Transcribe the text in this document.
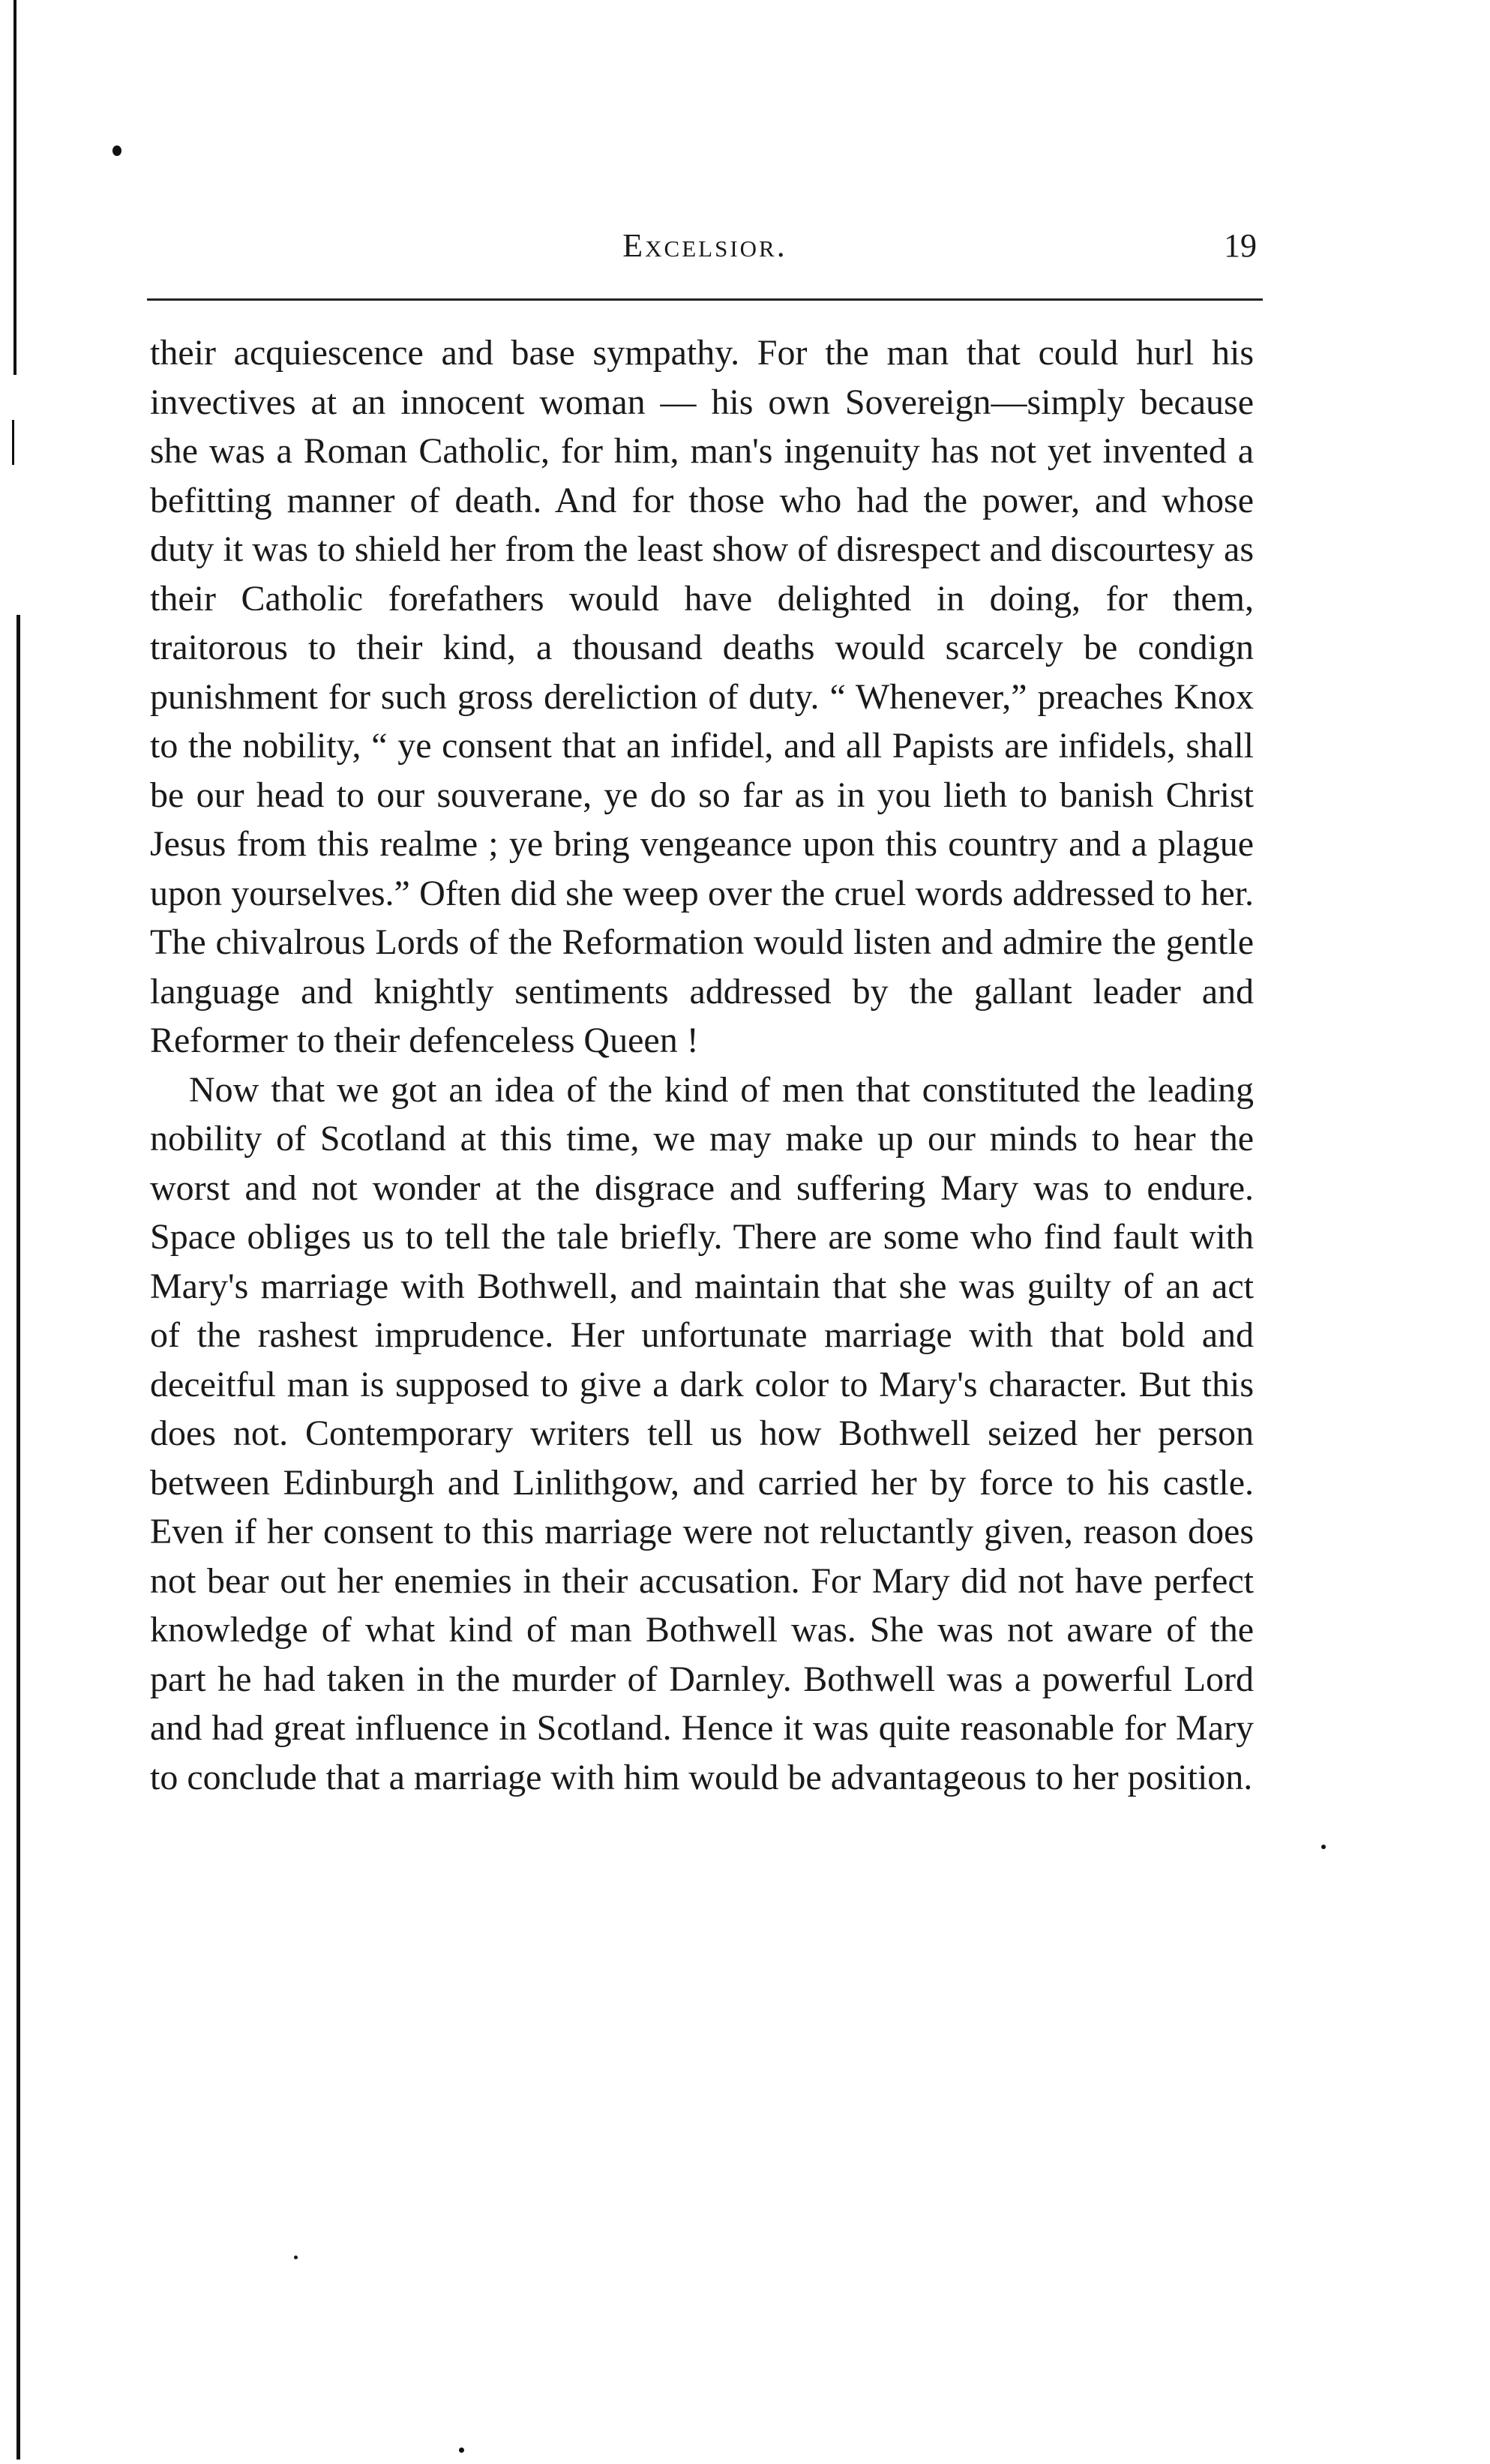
Excelsior.	19

their acquiescence and base sympathy. For the man that could hurl his invectives at an innocent woman — his own Sovereign—simply because she was a Roman Catholic, for him, man's ingenuity has not yet invented a befitting manner of death. And for those who had the power, and whose duty it was to shield her from the least show of disrespect and discourtesy as their Catholic forefathers would have delighted in doing, for them, traitorous to their kind, a thousand deaths would scarcely be condign punishment for such gross dereliction of duty. “ Whenever,” preaches Knox to the nobility, “ ye consent that an infidel, and all Papists are infidels, shall be our head to our souverane, ye do so far as in you lieth to banish Christ Jesus from this realme ; ye bring vengeance upon this country and a plague upon yourselves.” Often did she weep over the cruel words addressed to her. The chivalrous Lords of the Reformation would listen and admire the gentle language and knightly sentiments addressed by the gallant leader and Reformer to their defenceless Queen !

Now that we got an idea of the kind of men that constituted the leading nobility of Scotland at this time, we may make up our minds to hear the worst and not wonder at the disgrace and suffering Mary was to endure. Space obliges us to tell the tale briefly. There are some who find fault with Mary's marriage with Bothwell, and maintain that she was guilty of an act of the rashest imprudence. Her unfortunate marriage with that bold and deceitful man is supposed to give a dark color to Mary's character. But this does not. Contemporary writers tell us how Bothwell seized her person between Edinburgh and Linlithgow, and carried her by force to his castle. Even if her consent to this marriage were not reluctantly given, reason does not bear out her enemies in their accusation. For Mary did not have perfect knowledge of what kind of man Bothwell was. She was not aware of the part he had taken in the murder of Darnley. Bothwell was a powerful Lord and had great influence in Scotland. Hence it was quite reasonable for Mary to conclude that a marriage with him would be advantageous to her position.
